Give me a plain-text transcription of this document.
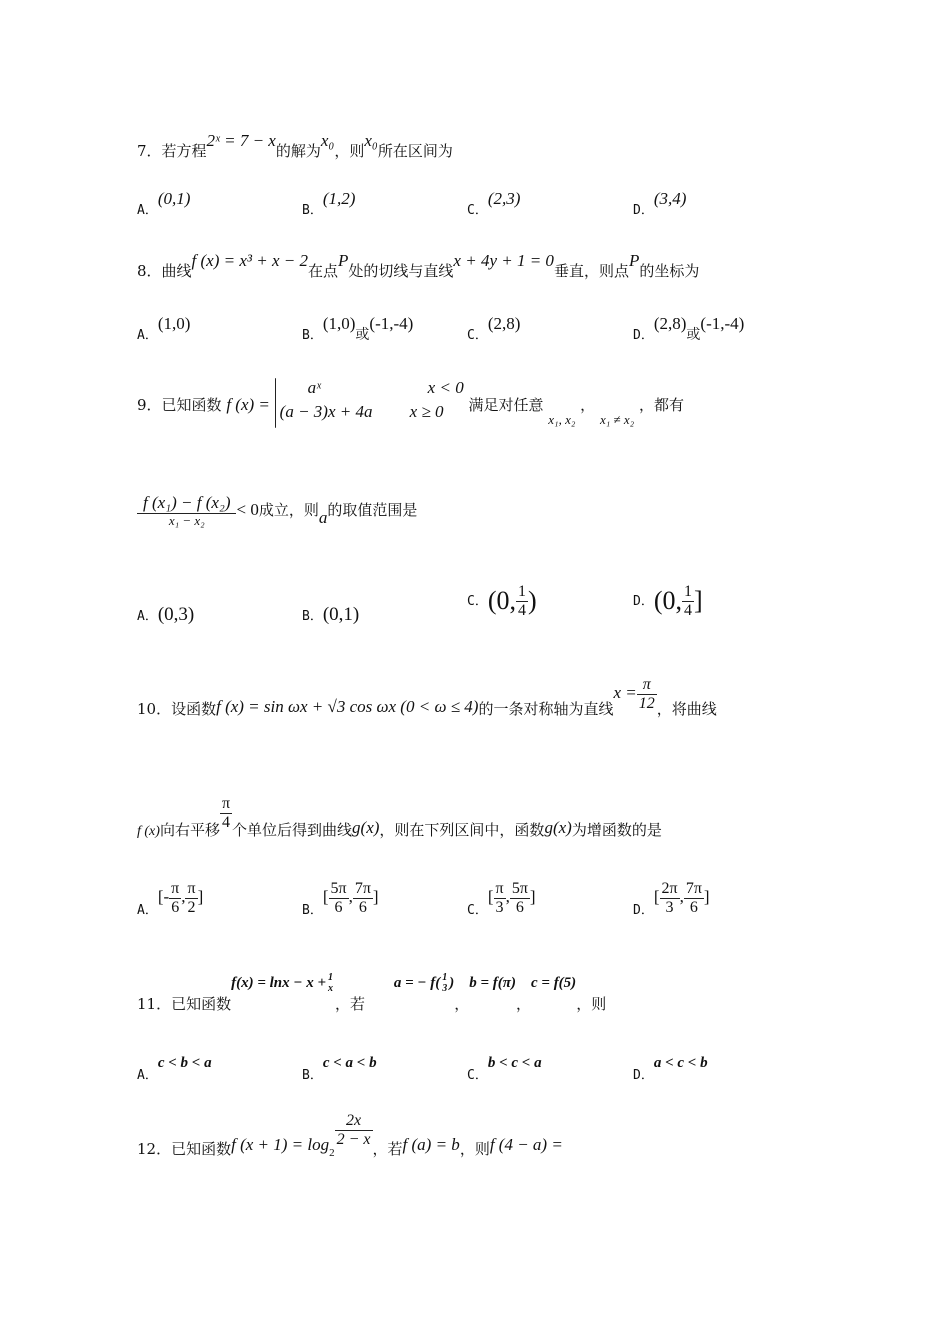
7．若方程2ˣ = 7 − x的解为x₀，则x₀所在区间为
A．(0,1)
B．(1,2)
C．(2,3)
D．(3,4)
8．曲线f (x) = x³ + x − 2在点P处的切线与直线x + 4y + 1 = 0垂直，则点P的坐标为
A．(1,0)
B．(1,0)或(-1,-4)
C．(2,8)
D．(2,8)或(-1,-4)
9．已知函数 f (x) =
aˣ	x < 0
(a − 3)x + 4a x ≥ 0	满足对任意 x₁, x₂ ， x₁ ≠ x₂ ，都有
$\frac{\text{f (x₁) − f (x₂)}}{\text{x₁ − x₂}} < 0$成立，则a的取值范围是
A．(0,3)	B．(0,1)
C．(0, $\frac{1}{4}$ )	D．(0, $\frac{1}{4}$ ]
10．设函数f (x) = sin ωx + √3 cos ωx (0 < ω ≤ 4)的一条对称轴为直线$x = \frac{\pi}{12}$ ，将曲线
f (x)向右平移 $\frac{\pi}{4}$ 个单位后得到曲线g(x)，则在下列区间中，函数g(x)为增函数的是
A．[- $\frac{\pi}{6}$ , $\frac{\pi}{2}$ ]
B．[ $\frac{5\pi}{6}$ , $\frac{7\pi}{6}$ ]
C．[ $\frac{\pi}{3}$ , $\frac{5\pi}{6}$ ]
D．[ $\frac{2\pi}{3}$ , $\frac{7\pi}{6}$ ]
11．已知函数f(x) = lnx − x + 1
x
，若 a = − f( 1
3 )，b = f(π)，c = f(5)，则
A．c < b < a
B．c < a < b
C．b < c < a
D．a < c < b
12．已知函数f $(x + 1) = \log_2$
$\frac{2x}{2 - x}$
，若f (a) = b，则f (4 − a) =
